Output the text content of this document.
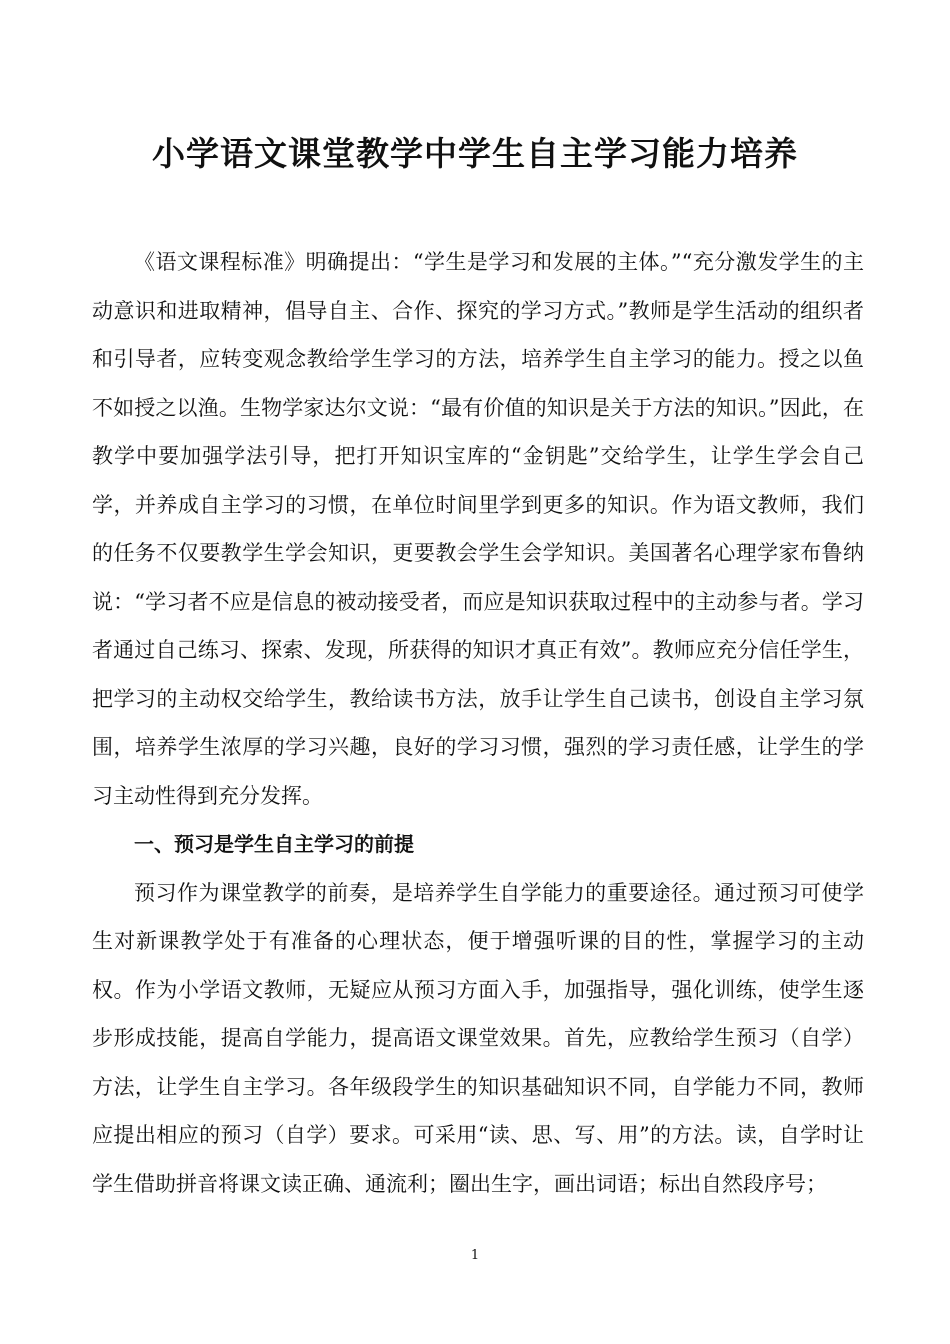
小学语文课堂教学中学生自主学习能力培养

《语文课程标准》明确提出：“学生是学习和发展的主体。”“充分激发学生的主动意识和进取精神，倡导自主、合作、探究的学习方式。”教师是学生活动的组织者和引导者，应转变观念教给学生学习的方法，培养学生自主学习的能力。授之以鱼不如授之以渔。生物学家达尔文说：“最有价值的知识是关于方法的知识。”因此，在教学中要加强学法引导，把打开知识宝库的“金钥匙”交给学生，让学生学会自己学，并养成自主学习的习惯，在单位时间里学到更多的知识。作为语文教师，我们的任务不仅要教学生学会知识，更要教会学生会学知识。美国著名心理学家布鲁纳说：“学习者不应是信息的被动接受者，而应是知识获取过程中的主动参与者。学习者通过自己练习、探索、发现，所获得的知识才真正有效”。教师应充分信任学生，把学习的主动权交给学生，教给读书方法，放手让学生自己读书，创设自主学习氛围，培养学生浓厚的学习兴趣，良好的学习习惯，强烈的学习责任感，让学生的学习主动性得到充分发挥。

一、预习是学生自主学习的前提

预习作为课堂教学的前奏，是培养学生自学能力的重要途径。通过预习可使学生对新课教学处于有准备的心理状态，便于增强听课的目的性，掌握学习的主动权。作为小学语文教师，无疑应从预习方面入手，加强指导，强化训练，使学生逐步形成技能，提高自学能力，提高语文课堂效果。首先，应教给学生预习（自学）方法，让学生自主学习。各年级段学生的知识基础知识不同，自学能力不同，教师应提出相应的预习（自学）要求。可采用“读、思、写、用”的方法。读，自学时让学生借助拼音将课文读正确、通流利；圈出生字，画出词语；标出自然段序号；

1
